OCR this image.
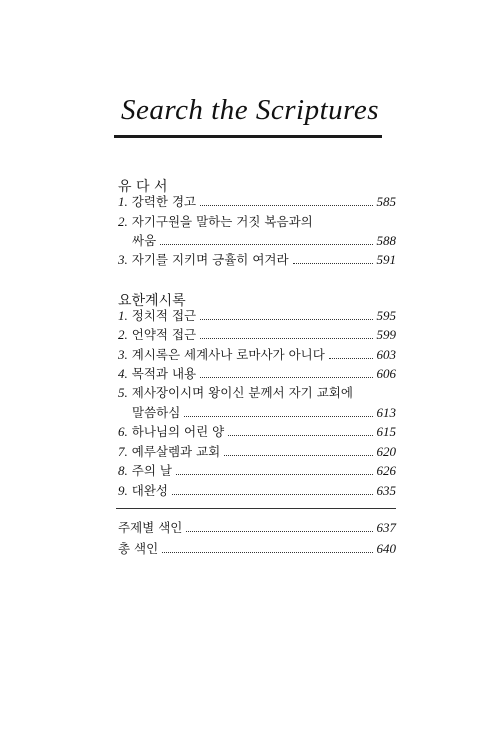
Search the Scriptures
유 다 서
1. 강력한 경고	585
2. 자기구원을 말하는 거짓 복음과의
싸움	588
3. 자기를 지키며 긍휼히 여겨라	591
요한계시록
1. 정치적 접근	595
2. 언약적 접근	599
3. 계시록은 세계사나 로마사가 아니다	603
4. 목적과 내용	606
5. 제사장이시며 왕이신 분께서 자기 교회에
말씀하심	613
6. 하나님의 어린 양	615
7. 예루살렘과 교회	620
8. 주의 날	626
9. 대완성	635
주제별 색인	637
총 색인	640
